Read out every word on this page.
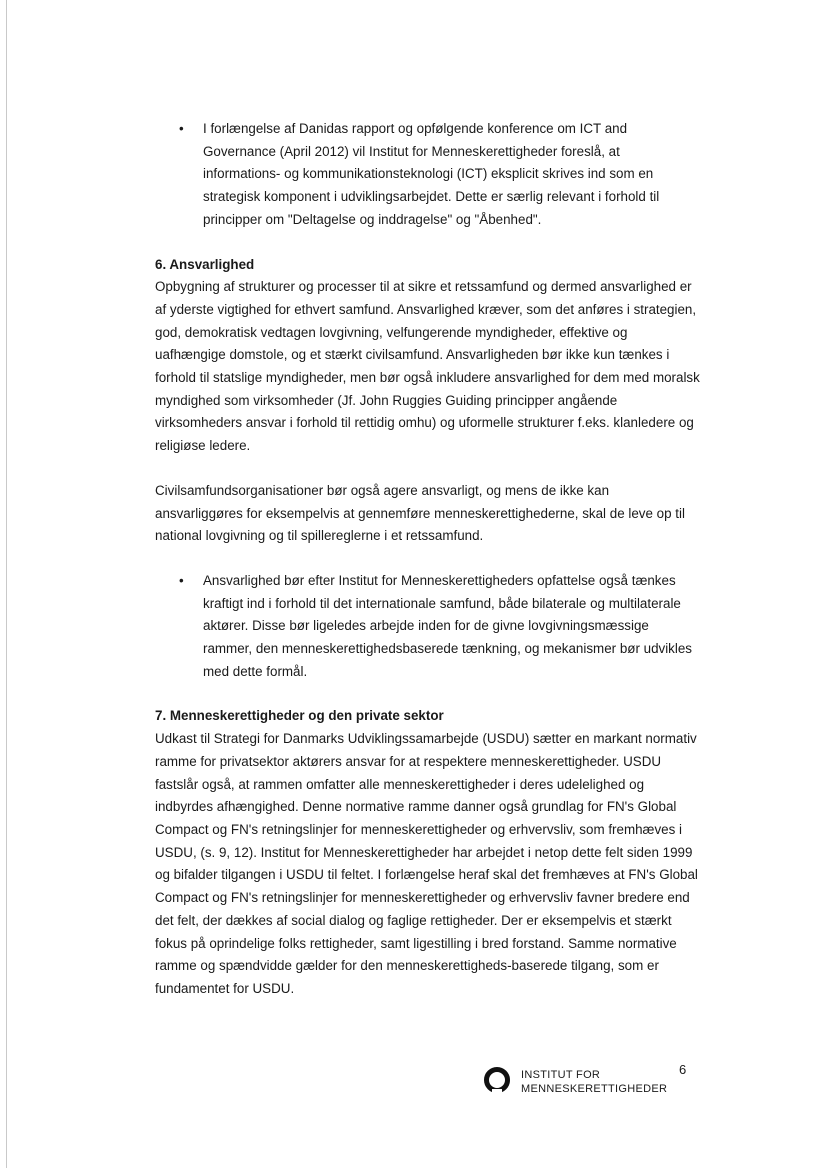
•	I forlængelse af Danidas rapport og opfølgende konference om ICT and Governance (April 2012) vil Institut for Menneskerettigheder foreslå, at informations- og kommunikationsteknologi (ICT) eksplicit skrives ind som en strategisk komponent i udviklingsarbejdet. Dette er særlig relevant i forhold til principper om "Deltagelse og inddragelse" og "Åbenhed".

6. Ansvarlighed

Opbygning af strukturer og processer til at sikre et retssamfund og dermed ansvarlighed er af yderste vigtighed for ethvert samfund. Ansvarlighed kræver, som det anføres i strategien, god, demokratisk vedtagen lovgivning, velfungerende myndigheder, effektive og uafhængige domstole, og et stærkt civilsamfund. Ansvarligheden bør ikke kun tænkes i forhold til statslige myndigheder, men bør også inkludere ansvarlighed for dem med moralsk myndighed som virksomheder (Jf. John Ruggies Guiding principper angående virksomheders ansvar i forhold til rettidig omhu) og uformelle strukturer f.eks. klanledere og religiøse ledere.

Civilsamfundsorganisationer bør også agere ansvarligt, og mens de ikke kan ansvarliggøres for eksempelvis at gennemføre menneskerettighederne, skal de leve op til national lovgivning og til spillereglerne i et retssamfund.

•	Ansvarlighed bør efter Institut for Menneskerettigheders opfattelse også tænkes kraftigt ind i forhold til det internationale samfund, både bilaterale og multilaterale aktører. Disse bør ligeledes arbejde inden for de givne lovgivningsmæssige rammer, den menneskerettighedsbaserede tænkning, og mekanismer bør udvikles med dette formål.

7. Menneskerettigheder og den private sektor

Udkast til Strategi for Danmarks Udviklingssamarbejde (USDU) sætter en markant normativ ramme for privatsektor aktørers ansvar for at respektere menneskerettigheder. USDU fastslår også, at rammen omfatter alle menneskerettigheder i deres udelelighed og indbyrdes afhængighed. Denne normative ramme danner også grundlag for FN's Global Compact og FN's retningslinjer for menneskerettigheder og erhvervsliv, som fremhæves i USDU, (s. 9, 12). Institut for Menneskerettigheder har arbejdet i netop dette felt siden 1999 og bifalder tilgangen i USDU til feltet. I forlængelse heraf skal det fremhæves at FN's Global Compact og FN's retningslinjer for menneskerettigheder og erhvervsliv favner bredere end det felt, der dækkes af social dialog og faglige rettigheder. Der er eksempelvis et stærkt fokus på oprindelige folks rettigheder, samt ligestilling i bred forstand. Samme normative ramme og spændvidde gælder for den menneskerettigheds-baserede tilgang, som er fundamentet for USDU.

INSTITUT FOR
MENNESKERETTIGHEDER
6
